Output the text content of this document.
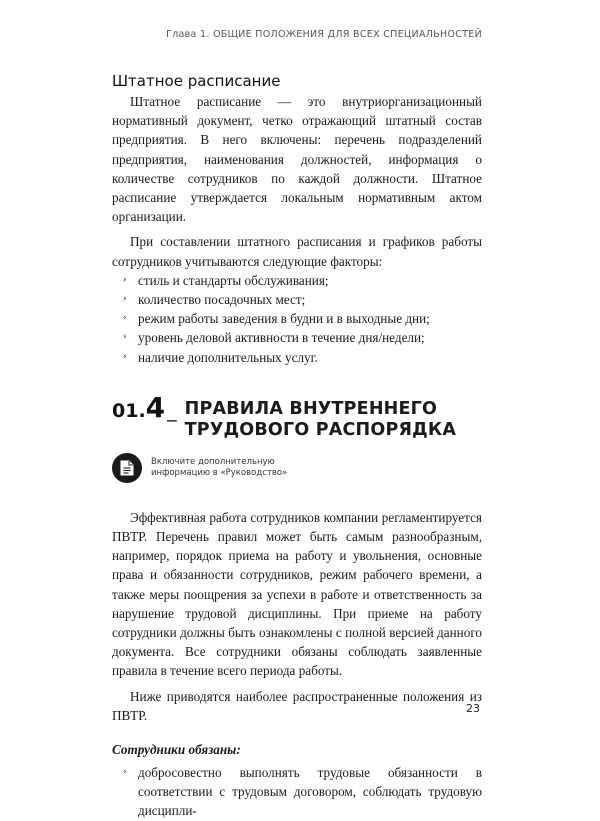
Глава 1. ОБЩИЕ ПОЛОЖЕНИЯ ДЛЯ ВСЕХ СПЕЦИАЛЬНОСТЕЙ
Штатное расписание

Штатное расписание — это внутриорганизационный нормативный документ, четко отражающий штатный состав предприятия. В него включены: перечень подразделений предприятия, наименования должностей, информация о количестве сотрудников по каждой должности. Штатное расписание утверждается локальным нормативным актом организации.

При составлении штатного расписания и графиков работы сотрудников учитываются следующие факторы:

› стиль и стандарты обслуживания;
› количество посадочных мест;
› режим работы заведения в будни и в выходные дни;
› уровень деловой активности в течение дня/недели;
› наличие дополнительных услуг.
01.4 _ ПРАВИЛА ВНУТРЕННЕГО
ТРУДОВОГО РАСПОРЯДКА
Включите дополнительную информацию в «Руководство»

Эффективная работа сотрудников компании регламентируется ПВТР. Перечень правил может быть самым разнообразным, например, порядок приема на работу и увольнения, основные права и обязанности сотрудников, режим рабочего времени, а также меры поощрения за успехи в работе и ответственность за нарушение трудовой дисциплины. При приеме на работу сотрудники должны быть ознакомлены с полной версией данного документа. Все сотрудники обязаны соблюдать заявленные правила в течение всего периода работы.

Ниже приводятся наиболее распространенные положения из ПВТР.

Сотрудники обязаны:
› добросовестно выполнять трудовые обязанности в соответствии с трудовым договором, соблюдать трудовую дисципли-
23
